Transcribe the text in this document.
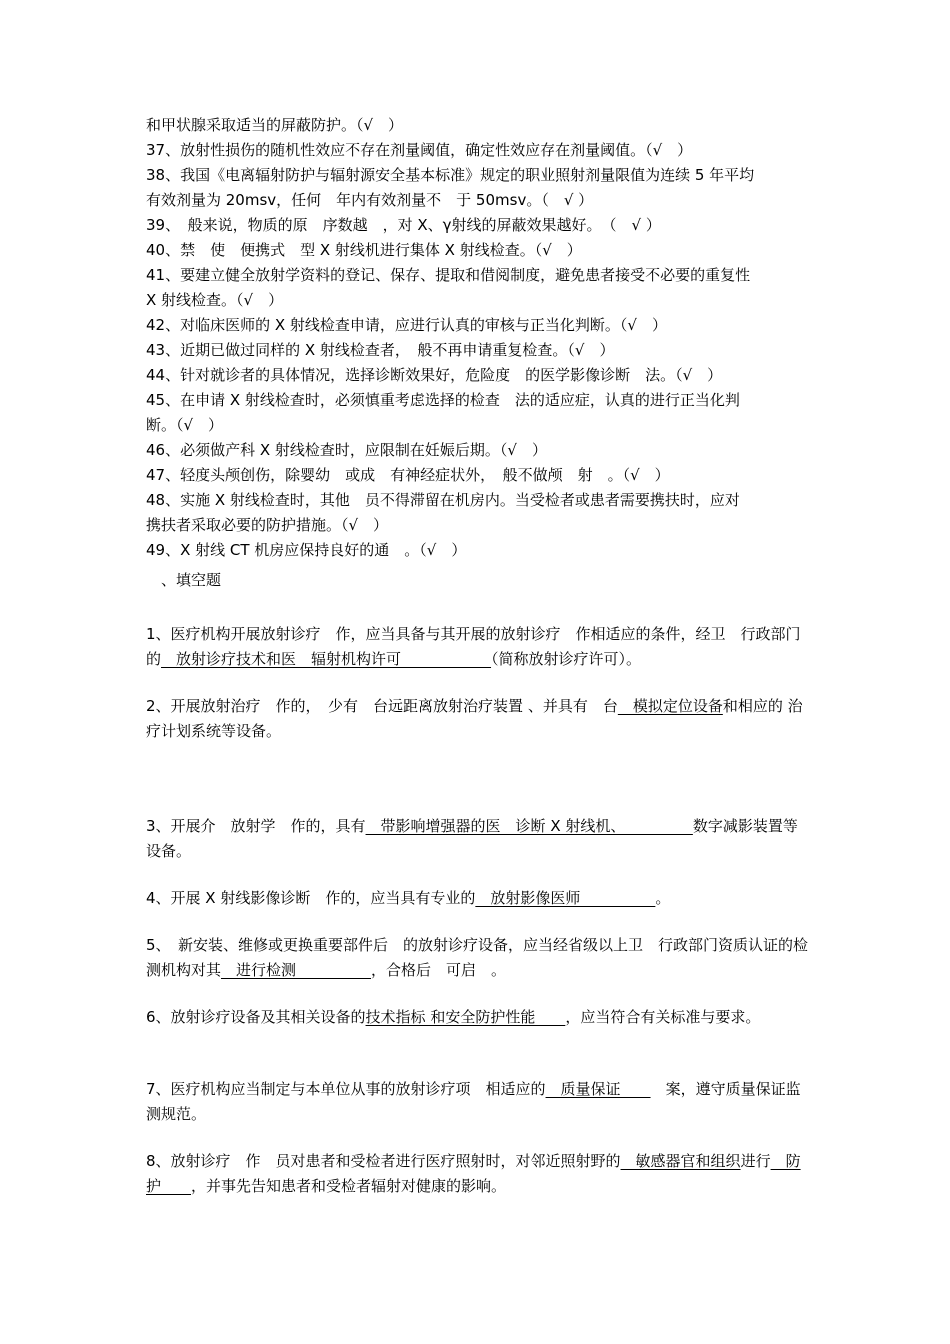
和甲状腺采取适当的屏蔽防护。（√　）
37、放射性损伤的随机性效应不存在剂量阈值，确定性效应存在剂量阈值。（√　）
38、我国《电离辐射防护与辐射源安全基本标准》规定的职业照射剂量限值为连续 5 年平均
有效剂量为 20msv，任何　年内有效剂量不　于 50msv。（　√ ）
39、　般来说，物质的原　序数越　，对 X、γ射线的屏蔽效果越好。　（　√ ）
40、禁　使　便携式　型 X 射线机进行集体 X 射线检查。（√　）
41、要建立健全放射学资料的登记、保存、提取和借阅制度，避免患者接受不必要的重复性
X 射线检查。（√　）
42、对临床医师的 X 射线检查申请，应进行认真的审核与正当化判断。（√　）
43、近期已做过同样的 X 射线检查者，　般不再申请重复检查。（√　）
44、针对就诊者的具体情况，选择诊断效果好，危险度　的医学影像诊断　法。（√　）
45、在申请 X 射线检查时，必须慎重考虑选择的检查　法的适应症，认真的进行正当化判
断。（√　）
46、必须做产科 X 射线检查时，应限制在妊娠后期。（√　）
47、轻度头颅创伤，除婴幼　或成　有神经症状外，　般不做颅　射　。（√　）
48、实施 X 射线检查时，其他　员不得滞留在机房内。当受检者或患者需要携扶时，应对
携扶者采取必要的防护措施。（√　）
49、X 射线 CT 机房应保持良好的通　。（√　）
　、填空题
1、医疗机构开展放射诊疗　作，应当具备与其开展的放射诊疗　作相适应的条件，经卫　行政部门的　放射诊疗技术和医　辐射机构许可　　　　　　（简称放射诊疗许可）。
2、开展放射治疗　作的，　少有　台远距离放射治疗装置 、并具有　台　模拟定位设备和相应的 治疗计划系统等设备。
3、开展介　放射学　作的，具有　带影响增强器的医　诊断 X 射线机、　　　　　数字减影装置等设备。
4、开展 X 射线影像诊断　作的，应当具有专业的　放射影像医师　　　　　。
5、　新安装、维修或更换重要部件后　的放射诊疗设备，应当经省级以上卫　行政部门资质认证的检测机构对其　进行检测　　　　　，合格后　可启　。
6、放射诊疗设备及其相关设备的技术指标 和安全防护性能　　，应当符合有关标准与要求。
7、医疗机构应当制定与本单位从事的放射诊疗项　相适应的　质量保证　　　案，遵守质量保证监测规范。
8、放射诊疗　作　员对患者和受检者进行医疗照射时，对邻近照射野的　敏感器官和组织进行　防护　　，并事先告知患者和受检者辐射对健康的影响。
